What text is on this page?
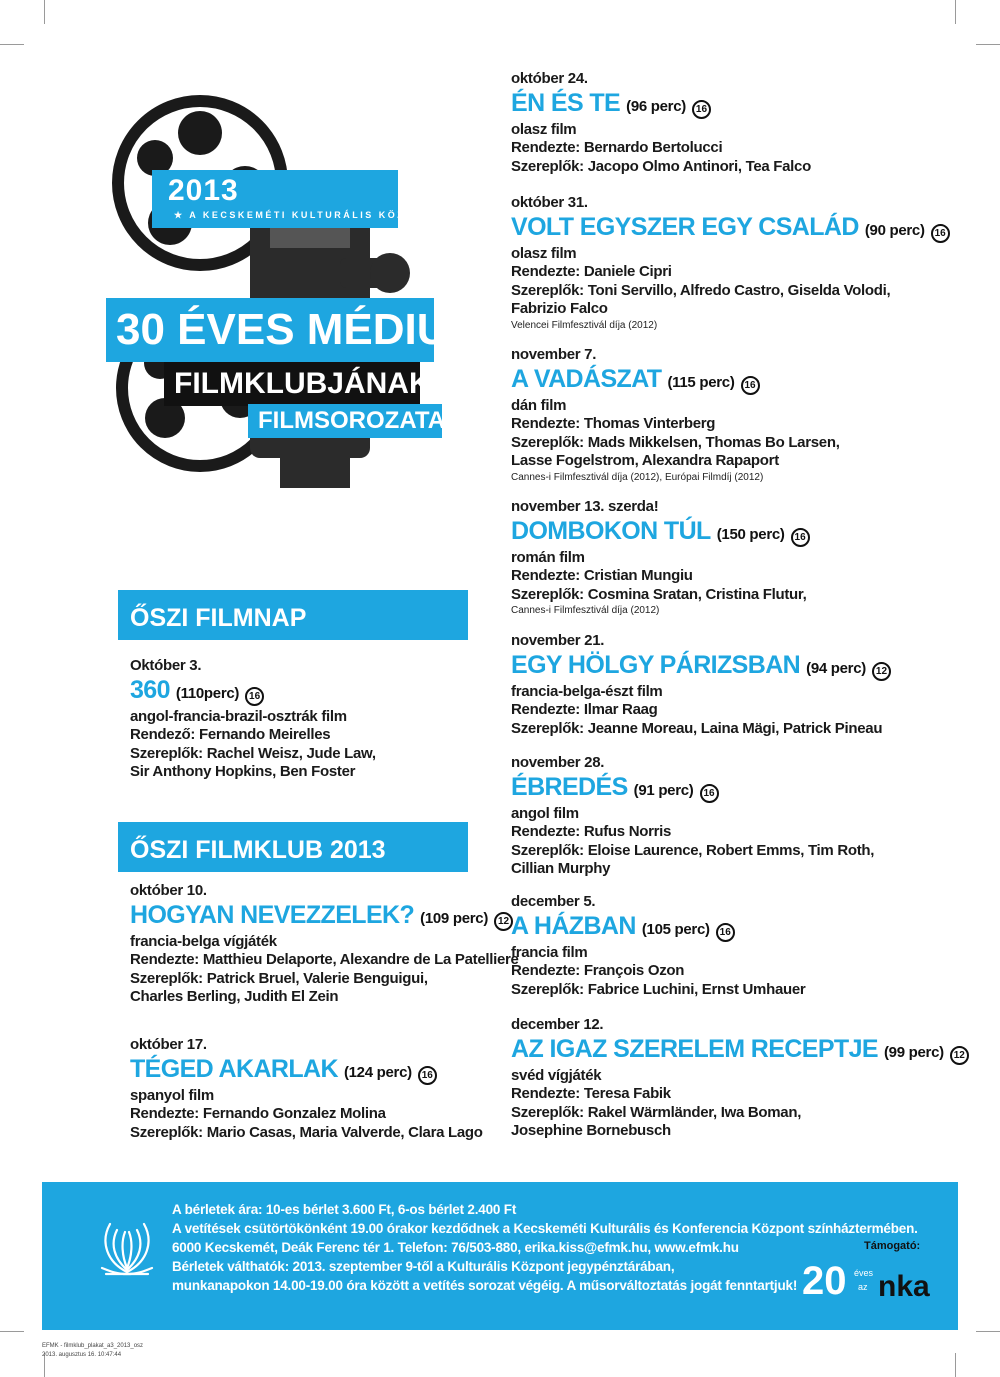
2013
★ A KECSKEMÉTI KULTURÁLIS KÖZPONT
30 ÉVES MÉDIUM
FILMKLUBJÁNAK
FILMSOROZATA
ŐSZI FILMNAP
ŐSZI FILMKLUB 2013
Október 3.
360 (110perc) 16
angol-francia-brazil-osztrák film
Rendező: Fernando Meirelles
Szereplők: Rachel Weisz, Jude Law,
Sir Anthony Hopkins, Ben Foster
október 10.
HOGYAN NEVEZZELEK? (109 perc) 12
francia-belga vígjáték
Rendezte: Matthieu Delaporte, Alexandre de La Patelliere
Szereplők: Patrick Bruel, Valerie Benguigui,
Charles Berling, Judith El Zein
október 17.
TÉGED AKARLAK (124 perc) 16
spanyol film
Rendezte: Fernando Gonzalez Molina
Szereplők: Mario Casas, Maria Valverde, Clara Lago
október 24.
ÉN ÉS TE (96 perc) 16
olasz film
Rendezte: Bernardo Bertolucci
Szereplők: Jacopo Olmo Antinori, Tea Falco
október 31.
VOLT EGYSZER EGY CSALÁD (90 perc) 16
olasz film
Rendezte: Daniele Cipri
Szereplők: Toni Servillo, Alfredo Castro, Giselda Volodi,
Fabrizio Falco
Velencei Filmfesztivál díja (2012)
november 7.
A VADÁSZAT (115 perc) 16
dán film
Rendezte: Thomas Vinterberg
Szereplők: Mads Mikkelsen, Thomas Bo Larsen,
Lasse Fogelstrom, Alexandra Rapaport
Cannes-i Filmfesztivál díja (2012), Európai Filmdíj (2012)
november 13. szerda!
DOMBOKON TÚL (150 perc) 16
román film
Rendezte: Cristian Mungiu
Szereplők: Cosmina Sratan, Cristina Flutur,
Cannes-i Filmfesztivál díja (2012)
november 21.
EGY HÖLGY PÁRIZSBAN (94 perc) 12
francia-belga-észt film
Rendezte: Ilmar Raag
Szereplők: Jeanne Moreau, Laina Mägi, Patrick Pineau
november 28.
ÉBREDÉS (91 perc) 16
angol film
Rendezte: Rufus Norris
Szereplők: Eloise Laurence, Robert Emms, Tim Roth,
Cillian Murphy
december 5.
A HÁZBAN (105 perc) 16
francia film
Rendezte: François Ozon
Szereplők: Fabrice Luchini, Ernst Umhauer
december 12.
AZ IGAZ SZERELEM RECEPTJE (99 perc) 12
svéd vígjáték
Rendezte: Teresa Fabik
Szereplők: Rakel Wärmländer, Iwa Boman,
Josephine Bornebusch
A bérletek ára: 10-es bérlet 3.600 Ft, 6-os bérlet 2.400 Ft
A vetítések csütörtökönként 19.00 órakor kezdődnek a Kecskeméti Kulturális és Konferencia Központ színháztermében.
6000 Kecskemét, Deák Ferenc tér 1. Telefon: 76/503-880, erika.kiss@efmk.hu, www.efmk.hu
Bérletek válthatók: 2013. szeptember 9-től a Kulturális Központ jegypénztárában,
munkanapokon 14.00-19.00 óra között a vetítés sorozat végéig. A műsorváltoztatás jogát fenntartjuk!
Támogató:
20 éves
az nka
EFMK - filmklub_plakat_a3_2013_osz
2013. augusztus 16. 10:47:44
